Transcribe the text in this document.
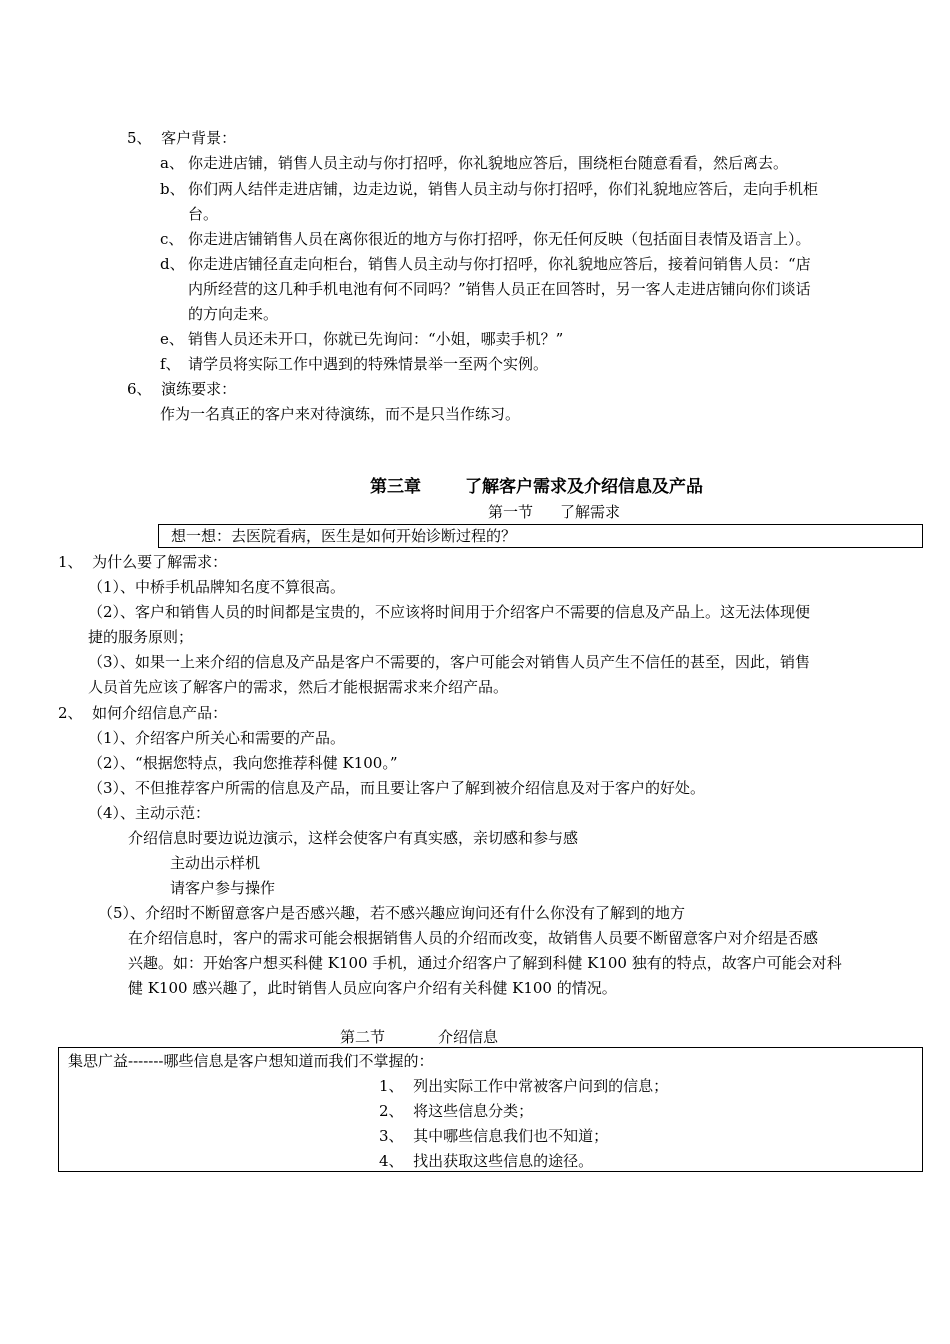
5、 客户背景：
a、 你走进店铺，销售人员主动与你打招呼，你礼貌地应答后，围绕柜台随意看看，然后离去。
b、 你们两人结伴走进店铺，边走边说，销售人员主动与你打招呼，你们礼貌地应答后，走向手机柜
台。
c、 你走进店铺销售人员在离你很近的地方与你打招呼，你无任何反映（包括面目表情及语言上）。
d、 你走进店铺径直走向柜台，销售人员主动与你打招呼，你礼貌地应答后，接着问销售人员：“店
内所经营的这几种手机电池有何不同吗？”销售人员正在回答时，另一客人走进店铺向你们谈话
的方向走来。
e、 销售人员还未开口，你就已先询问：“小姐，哪卖手机？”
f、 请学员将实际工作中遇到的特殊情景举一至两个实例。
6、 演练要求：
作为一名真正的客户来对待演练，而不是只当作练习。
第三章	了解客户需求及介绍信息及产品
第一节 了解需求
想一想：去医院看病，医生是如何开始诊断过程的？
1、 为什么要了解需求：
（1）、中桥手机品牌知名度不算很高。
（2）、客户和销售人员的时间都是宝贵的，不应该将时间用于介绍客户不需要的信息及产品上。这无法体现便
捷的服务原则；
（3）、如果一上来介绍的信息及产品是客户不需要的，客户可能会对销售人员产生不信任的甚至，因此，销售
人员首先应该了解客户的需求，然后才能根据需求来介绍产品。
2、 如何介绍信息产品：
（1）、介绍客户所关心和需要的产品。
（2）、“根据您特点，我向您推荐科健 K100。”
（3）、不但推荐客户所需的信息及产品，而且要让客户了解到被介绍信息及对于客户的好处。
（4）、主动示范：
介绍信息时要边说边演示，这样会使客户有真实感，亲切感和参与感
主动出示样机
请客户参与操作
（5）、介绍时不断留意客户是否感兴趣，若不感兴趣应询问还有什么你没有了解到的地方
在介绍信息时，客户的需求可能会根据销售人员的介绍而改变，故销售人员要不断留意客户对介绍是否感
兴趣。如：开始客户想买科健 K100 手机，通过介绍客户了解到科健 K100 独有的特点，故客户可能会对科
健 K100 感兴趣了，此时销售人员应向客户介绍有关科健 K100 的情况。
第二节	介绍信息
集思广益-------哪些信息是客户想知道而我们不掌握的：
1、 列出实际工作中常被客户问到的信息；
2、 将这些信息分类；
3、 其中哪些信息我们也不知道；
4、 找出获取这些信息的途径。
